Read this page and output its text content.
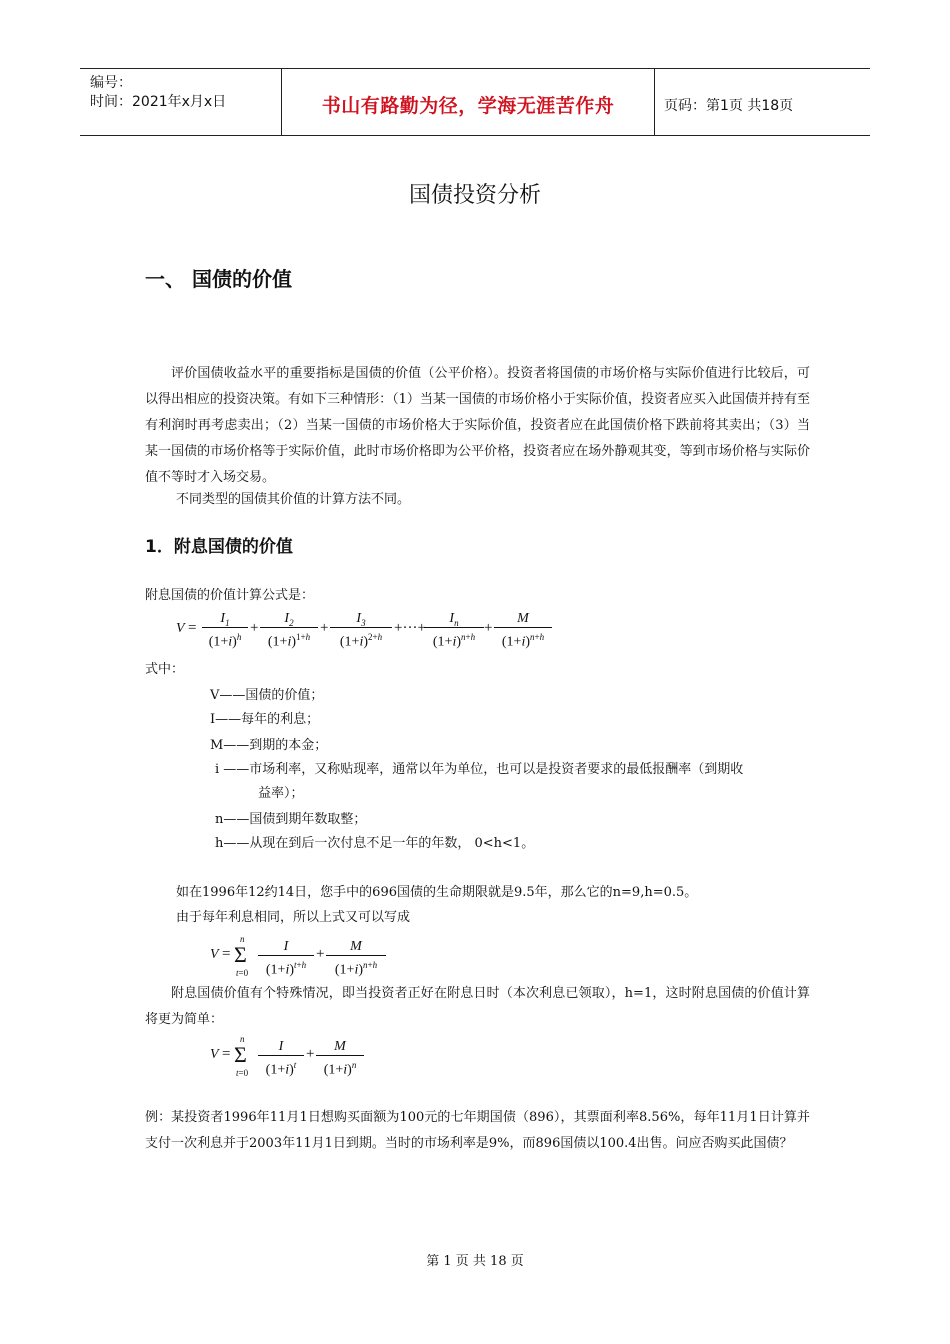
编号：
时间：2021年x月x日	书山有路勤为径，学海无涯苦作舟	页码：第1页 共18页
国债投资分析
一、 国债的价值
评价国债收益水平的重要指标是国债的价值（公平价格）。投资者将国债的市场价格与实际价值进行比较后，可以得出相应的投资决策。有如下三种情形：（1）当某一国债的市场价格小于实际价值，投资者应买入此国债并持有至有利润时再考虑卖出；（2）当某一国债的市场价格大于实际价值，投资者应在此国债价格下跌前将其卖出；（3）当某一国债的市场价格等于实际价值，此时市场价格即为公平价格，投资者应在场外静观其变，等到市场价格与实际价值不等时才入场交易。
不同类型的国债其价值的计算方法不同。
1．附息国债的价值
附息国债的价值计算公式是：
V =
$I_1$
$(1+i)^h$
+
$I_2$
$(1+i)^{1+h}$
+
$I_3$
$(1+i)^{2+h}$
+···+
$I_n$
$(1+i)^{n+h}$
+
M
$(1+i)^{n+h}$
式中：
V——国债的价值；
I——每年的利息；
M——到期的本金；
i ——市场利率，又称贴现率，通常以年为单位，也可以是投资者要求的最低报酬率（到期收
益率）；
n——国债到期年数取整；
h——从现在到后一次付息不足一年的年数， 0<h<1。
如在1996年12约14日，您手中的696国债的生命期限就是9.5年，那么它的n=9,h=0.5。
由于每年利息相同，所以上式又可以写成
V =
n
Σ
t=0
I
$(1+i)^{t+h}$
+	M
$(1+i)^{n+h}$
附息国债价值有个特殊情况，即当投资者正好在附息日时（本次利息已领取），h=1，这时附息国债的价值计算将更为简单：
V =
n
Σ
t=0
I
$(1+i)^t$
+	M
$(1+i)^n$
例：某投资者1996年11月1日想购买面额为100元的七年期国债（896），其票面利率8.56%，每年11月1日计算并支付一次利息并于2003年11月1日到期。当时的市场利率是9%，而896国债以100.4出售。问应否购买此国债？
第 1 页 共 18 页
